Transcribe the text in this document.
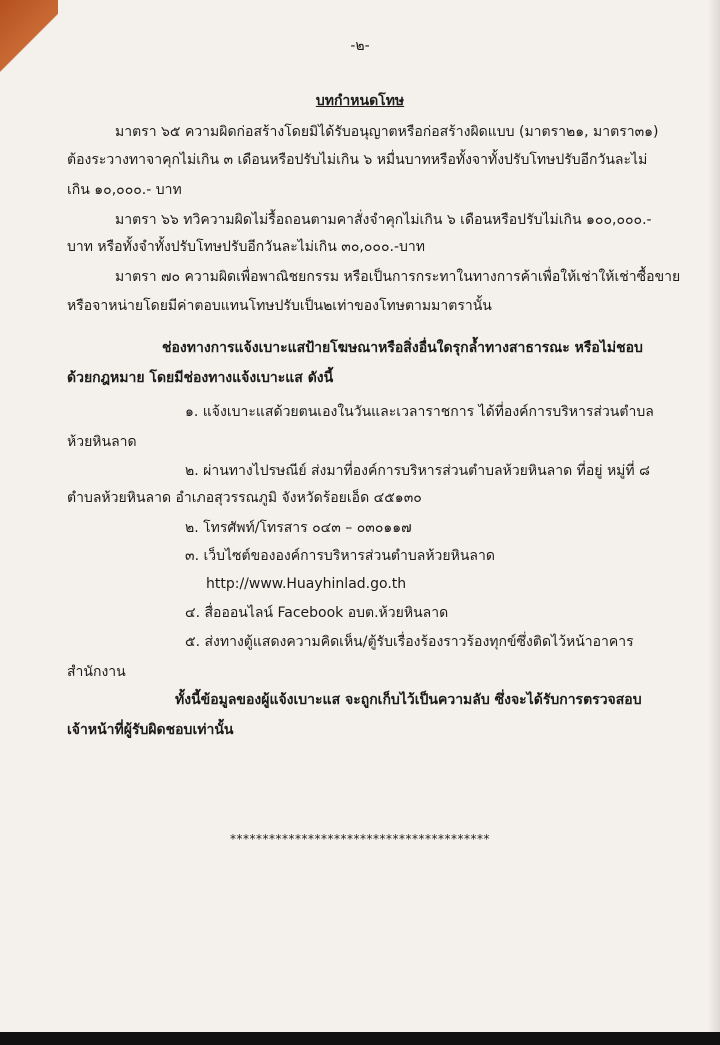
-๒-
บทกำหนดโทษ
มาตรา ๖๕ ความผิดก่อสร้างโดยมิได้รับอนุญาตหรือก่อสร้างผิดแบบ (มาตรา๒๑, มาตรา๓๑)
ต้องระวางทาจาคุกไม่เกิน ๓ เดือนหรือปรับไม่เกิน ๖ หมื่นบาทหรือทั้งจาทั้งปรับโทษปรับอีกวันละไม่
เกิน ๑๐,๐๐๐.- บาท
มาตรา ๖๖ ทวิความผิดไม่รื้อถอนตามคาสั่งจำคุกไม่เกิน ๖ เดือนหรือปรับไม่เกิน ๑๐๐,๐๐๐.-
บาท หรือทั้งจำทั้งปรับโทษปรับอีกวันละไม่เกิน ๓๐,๐๐๐.-บาท
มาตรา ๗๐ ความผิดเพื่อพาณิชยกรรม หรือเป็นการกระทาในทางการค้าเพื่อให้เช่าให้เช่าซื้อขาย
หรือจาหน่ายโดยมีค่าตอบแทนโทษปรับเป็น๒เท่าของโทษตามมาตรานั้น
ช่องทางการแจ้งเบาะแสป้ายโฆษณาหรือสิ่งอื่นใดรุกล้ำทางสาธารณะ หรือไม่ชอบ
ด้วยกฎหมาย โดยมีช่องทางแจ้งเบาะแส ดังนี้
๑. แจ้งเบาะแสด้วยตนเองในวันและเวลาราชการ ได้ที่องค์การบริหารส่วนตำบล
ห้วยหินลาด
๒. ผ่านทางไปรษณีย์ ส่งมาที่องค์การบริหารส่วนตำบลห้วยหินลาด ที่อยู่ หมู่ที่ ๘
ตำบลห้วยหินลาด อำเภอสุวรรณภูมิ จังหวัดร้อยเอ็ด ๔๕๑๓๐
๒. โทรศัพท์/โทรสาร ๐๔๓ – ๐๓๐๑๑๗
๓. เว็บไซต์ขององค์การบริหารส่วนตำบลห้วยหินลาด
http://www.Huayhinlad.go.th
๔. สื่อออนไลน์ Facebook อบต.ห้วยหินลาด
๕. ส่งทางตู้แสดงความคิดเห็น/ตู้รับเรื่องร้องราวร้องทุกข์ซึ่งติดไว้หน้าอาคาร
สำนักงาน
ทั้งนี้ข้อมูลของผู้แจ้งเบาะแส จะถูกเก็บไว้เป็นความลับ ซึ่งจะได้รับการตรวจสอบ
เจ้าหน้าที่ผู้รับผิดชอบเท่านั้น
****************************************
